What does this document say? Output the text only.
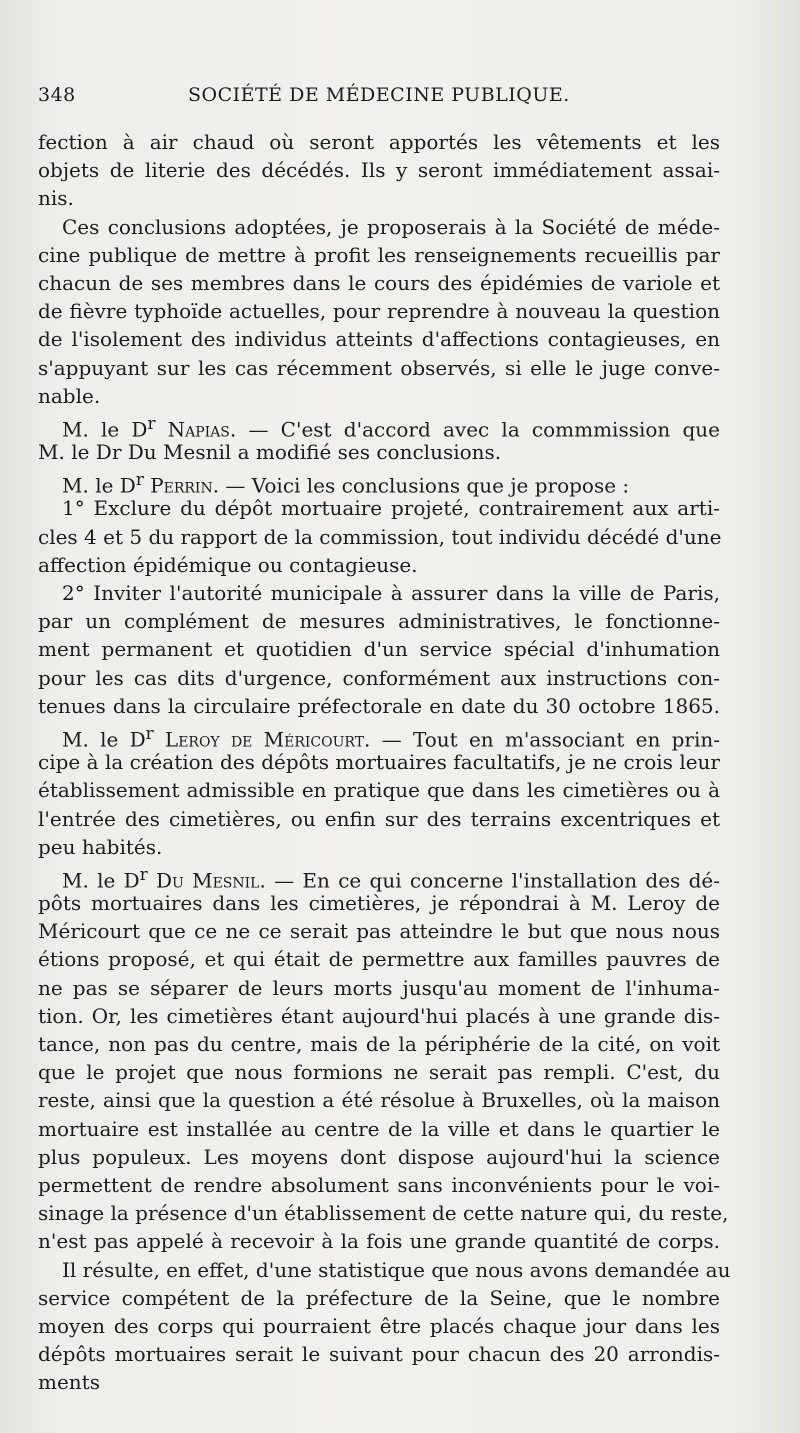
348	SOCIÉTÉ DE MÉDECINE PUBLIQUE.
fection à air chaud où seront apportés les vêtements et les
objets de literie des décédés. Ils y seront immédiatement assai-
nis.
Ces conclusions adoptées, je proposerais à la Société de méde-
cine publique de mettre à profit les renseignements recueillis par
chacun de ses membres dans le cours des épidémies de variole et
de fièvre typhoïde actuelles, pour reprendre à nouveau la question
de l'isolement des individus atteints d'affections contagieuses, en
s'appuyant sur les cas récemment observés, si elle le juge conve-
nable.
M. le $D^r$ Napias. — C'est d'accord avec la commmission que
M. le Dr Du Mesnil a modifié ses conclusions.
M. le $D^r$ Perrin. — Voici les conclusions que je propose :
1° Exclure du dépôt mortuaire projeté, contrairement aux arti-
cles 4 et 5 du rapport de la commission, tout individu décédé d'une
affection épidémique ou contagieuse.
2° Inviter l'autorité municipale à assurer dans la ville de Paris,
par un complément de mesures administratives, le fonctionne-
ment permanent et quotidien d'un service spécial d'inhumation
pour les cas dits d'urgence, conformément aux instructions con-
tenues dans la circulaire préfectorale en date du 30 octobre 1865.
M. le $D^r$ Leroy de Méricourt. — Tout en m'associant en prin-
cipe à la création des dépôts mortuaires facultatifs, je ne crois leur
établissement admissible en pratique que dans les cimetières ou à
l'entrée des cimetières, ou enfin sur des terrains excentriques et
peu habités.
M. le $D^r$ Du Mesnil. — En ce qui concerne l'installation des dé-
pôts mortuaires dans les cimetières, je répondrai à M. Leroy de
Méricourt que ce ne ce serait pas atteindre le but que nous nous
étions proposé, et qui était de permettre aux familles pauvres de
ne pas se séparer de leurs morts jusqu'au moment de l'inhuma-
tion. Or, les cimetières étant aujourd'hui placés à une grande dis-
tance, non pas du centre, mais de la périphérie de la cité, on voit
que le projet que nous formions ne serait pas rempli. C'est, du
reste, ainsi que la question a été résolue à Bruxelles, où la maison
mortuaire est installée au centre de la ville et dans le quartier le
plus populeux. Les moyens dont dispose aujourd'hui la science
permettent de rendre absolument sans inconvénients pour le voi-
sinage la présence d'un établissement de cette nature qui, du reste,
n'est pas appelé à recevoir à la fois une grande quantité de corps.
Il résulte, en effet, d'une statistique que nous avons demandée au
service compétent de la préfecture de la Seine, que le nombre
moyen des corps qui pourraient être placés chaque jour dans les
dépôts mortuaires serait le suivant pour chacun des 20 arrondis-
ments
